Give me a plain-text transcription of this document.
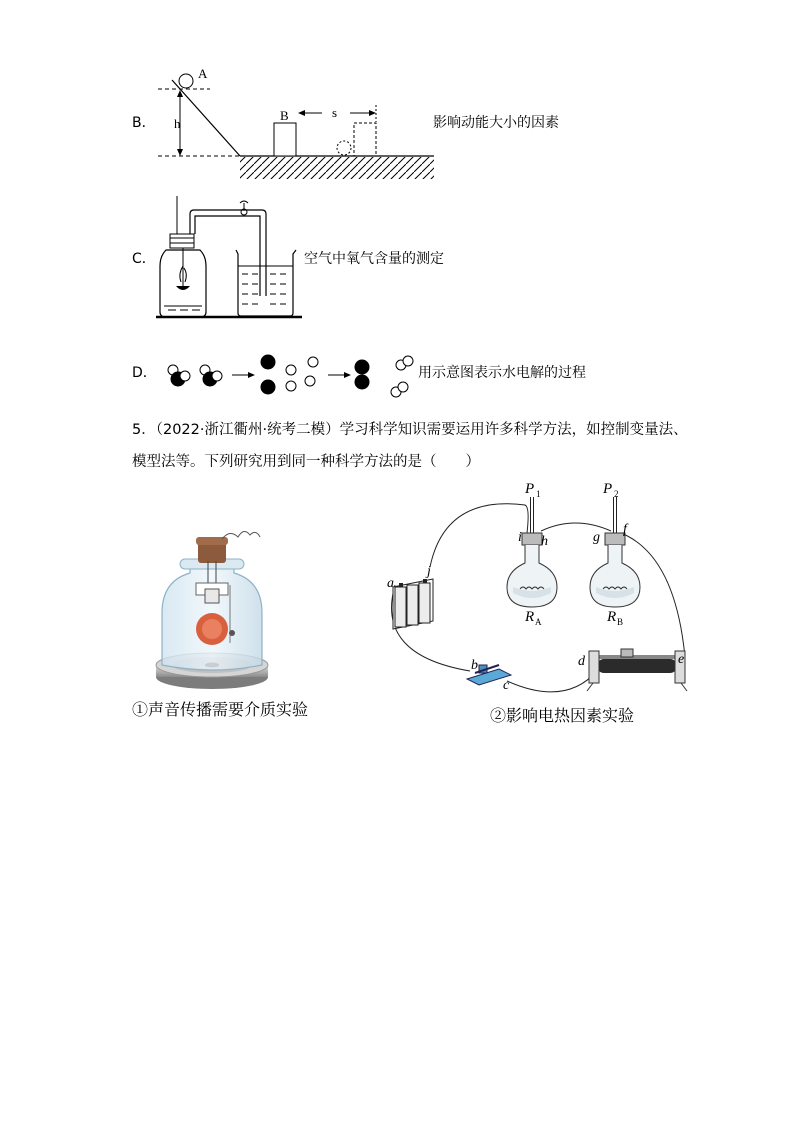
B．
A
h
B	s
影响动能大小的因素
C．	空气中氧气含量的测定
D．	用示意图表示水电解的过程
5．（2022·浙江衢州·统考二模）学习科学知识需要运用许多科学方法，如控制变量法、
模型法等。下列研究用到同一种科学方法的是（　　）
①声音传播需要介质实验
a
j
P 1
i h
R A
P 2
g
f
R B
b
c
d	e
②影响电热因素实验
